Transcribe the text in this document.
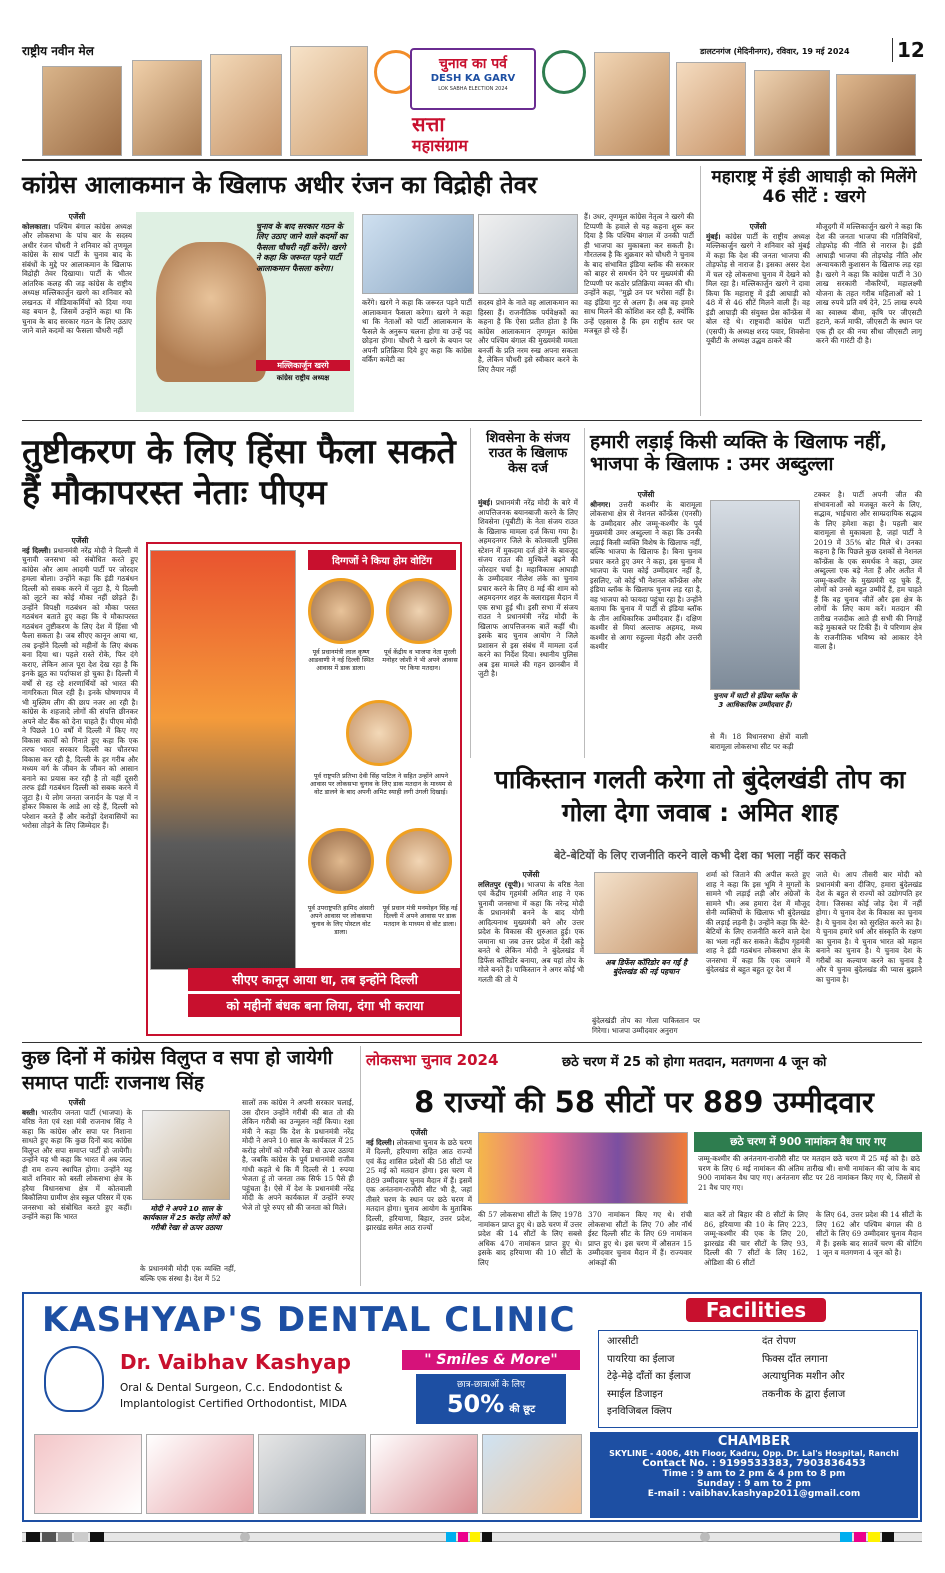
राष्ट्रीय नवीन मेल
चुनाव का पर्व
DESH KA GARV
LOK SABHA ELECTION 2024
सत्ता
महासंग्राम
डालटनगंज (मेदिनीनगर), रविवार, 19 मई 2024 12
कांग्रेस आलाकमान के खिलाफ अधीर रंजन का विद्रोही तेवर
एजेंसी
कोलकाता। पश्चिम बंगाल कांग्रेस अध्यक्ष और लोकसभा के पांच बार के सदस्य अधीर रंजन चौधरी ने शनिवार को तृणमूल कांग्रेस के साथ पार्टी के चुनाव बाद के संबंधों के मुद्दे पर आलाकमान के खिलाफ विद्रोही तेवर दिखाया। पार्टी के भीतर आंतरिक कलह की जड़ कांग्रेस के राष्ट्रीय अध्यक्ष मल्लिकार्जुन खरगे का शनिवार को लखनऊ में मीडियाकर्मियों को दिया गया वह बयान है, जिसमें उन्होंने कहा था कि चुनाव के बाद सरकार गठन के लिए उठाए जाने वाले कदमों का फैसला चौधरी नहीं
चुनाव के बाद सरकार गठन के लिए उठाए जाने वाले कदमों का फैसला चौधरी नहीं करेंगे। खरगे ने कहा कि जरूरत पड़ने पार्टी आलाकमान फैसला करेगा।
मल्लिकार्जुन खरगे
कांग्रेस राष्ट्रीय अध्यक्ष
करेंगे। खरगे ने कहा कि जरूरत पड़ने पार्टी आलाकमान फैसला करेगा। खरगे ने कहा था कि नेताओं को पार्टी आलाकमान के फैसले के अनुरूप चलना होगा या उन्हें पद छोड़ना होगा। चौधरी ने खरगे के बयान पर अपनी प्रतिक्रिया दिये हुए कहा कि कांग्रेस वर्किंग कमेटी का
सदस्य होने के नाते वह आलाकमान का हिस्सा हैं। राजनीतिक पर्यवेक्षकों का कहना है कि ऐसा प्रतीत होता है कि कांग्रेस आलाकमान तृणमूल कांग्रेस और पश्चिम बंगाल की मुख्यमंत्री ममता बनर्जी के प्रति नरम रुख अपना सकता है, लेकिन चौधरी इसे स्वीकार करने के लिए तैयार नहीं
हैं। उधर, तृणमूल कांग्रेस नेतृत्व ने खरगे की टिप्पणी के हवाले से यह कहना शुरू कर दिया है कि पश्चिम बंगाल में उनकी पार्टी ही भाजपा का मुकाबला कर सकती है। गौरतलब है कि शुक्रवार को चौधरी ने चुनाव के बाद संभावित इंडिया ब्लॉक की सरकार को बाहर से समर्थन देने पर मुख्यमंत्री की टिप्पणी पर कठोर प्रतिक्रिया व्यक्त की थी। उन्होंने कहा, "मुझे उन पर भरोसा नहीं है। वह इंडिया गुट से अलग हैं। अब वह हमारे साथ मिलने की कोशिश कर रही हैं, क्योंकि उन्हें एहसास है कि हम राष्ट्रीय स्तर पर मजबूत हो रहे हैं।
महाराष्ट्र में इंडी आघाड़ी को मिलेंगे 46 सीटें : खरगे
एजेंसी
मुंबई। कांग्रेस पार्टी के राष्ट्रीय अध्यक्ष मल्लिकार्जुन खरगे ने शनिवार को मुंबई में कहा कि देश की जनता भाजपा की तोड़फोड़ से नाराज है। इसका असर देश में चल रहे लोकसभा चुनाव में देखने को मिल रहा है। मल्लिकार्जुन खरगे ने दावा किया कि महाराष्ट्र में इंडी आघाड़ी को 48 में से 46 सीटें मिलने वाली हैं। वह इंडी आघाड़ी की संयुक्त प्रेस कॉन्फ्रेंस में बोल रहे थे। राष्ट्रवादी कांग्रेस पार्टी (एसपी) के अध्यक्ष शरद पवार, शिवसेना यूबीटी के अध्यक्ष उद्धव ठाकरे की
मौजूदगी में मल्लिकार्जुन खरगे ने कहा कि देश की जनता भाजपा की गतिविधियों, तोड़फोड़ की नीति से नाराज है। इंडी आघाड़ी भाजपा की तोड़फोड़ नीति और अन्यायकारी कुशासन के खिलाफ लड़ रहा है। खरगे ने कहा कि कांग्रेस पार्टी ने 30 लाख सरकारी नौकरियों, महालक्ष्मी योजना के तहत गरीब महिलाओं को 1 लाख रुपये प्रति वर्ष देने, 25 लाख रुपये का स्वास्थ्य बीमा, कृषि पर जीएसटी हटाने, कर्ज माफी, जीएसटी के स्थान पर एक ही दर की नया सीधा जीएसटी लागू करने की गारंटी दी है।
तुष्टीकरण के लिए हिंसा फैला सकते हैं मौकापरस्त नेताः पीएम
एजेंसी
नई दिल्ली। प्रधानमंत्री नरेंद्र मोदी ने दिल्ली में चुनावी जनसभा को संबोधित करते हुए कांग्रेस और आम आदमी पार्टी पर जोरदार हमला बोला। उन्होंने कहा कि इंडी गठबंधन दिल्ली को सबक करने में जुटा है, ये दिल्ली को लूटने का कोई मौका नहीं छोड़ते हैं। उन्होंने विपक्षी गठबंधन को मौका परस्त गठबंधन बताते हुए कहा कि ये मौकापरस्त गठबंधन तुष्टीकरण के लिए देश में हिंसा भी फैला सकता है। जब सीएए कानून आया था, तब इन्होंने दिल्ली को महीनों के लिए बंधक बना दिया था। पहले रास्ते रोके, फिर दंगे कराए, लेकिन आज पूरा देश देख रहा है कि इनके झूठ का पर्दाफाश हो चुका है। दिल्ली में वर्षों से रह रहे शरणार्थियों को भारत की नागरिकता मिल रही है। इनके घोषणापत्र में भी मुस्लिम लीग की छाप नजर आ रही है। कांग्रेस के शहजादे लोगों की संपत्ति छीनकर अपने वोट बैंक को देना चाहते हैं। पीएम मोदी ने पिछले 10 वर्षों में दिल्ली में किए गए विकास कार्यों को गिनाते हुए कहा कि एक तरफ भारत सरकार दिल्ली का चौतरफा विकास कर रही है, दिल्ली के हर गरीब और मध्यम वर्ग के जीवन के जीवन को आसान बनाने का प्रयास कर रही है तो वहीं दूसरी तरफ इंडी गठबंधन दिल्ली को सबक करने में जुटा है। ये लोग जनता जनार्दन के पक्ष में न होकर विकास के आडे आ रहे हैं, दिल्ली को परेशान करते हैं और करोड़ों देशवासियों का भरोसा तोड़ने के लिए जिम्मेदार हैं।
दिग्गजों ने किया होम वोटिंग
पूर्व प्रधानमंत्री लाल कृष्ण आडवाणी ने नई दिल्ली स्थित आवास में डाक डाला।
पूर्व केंद्रीय व भाजपा नेता मुरली मनोहर जोशी ने भी अपने आवास पर किया मतदान।
पूर्व राष्ट्रपति प्रतिभा देवी सिंह पाटिल ने सहित उन्होंने आपने आवास पर लोकसभा चुनाव के लिए डाक मतदान के माध्यम से वोट डालने के बाद अपनी अमिट स्याही लगी उंगली दिखाई।
पूर्व उपराष्ट्रपति हामिद अंसारी अपने आवास पर लोकसभा चुनाव के लिए पोस्टल वोट डाला।
पूर्व प्रधान मंत्री मनमोहन सिंह नई दिल्ली में अपने आवास पर डाक मतदान के माध्यम से वोट डाला।
सीएए कानून आया था, तब इन्होंने दिल्ली
को महीनों बंधक बना लिया, दंगा भी कराया
शिवसेना के संजय राउत के खिलाफ केस दर्ज
मुंबई। प्रधानमंत्री नरेंद्र मोदी के बारे में आपत्तिजनक बयानबाजी करने के लिए शिवसेना (यूबीटी) के नेता संजय राउत के खिलाफ मामला दर्ज किया गया है। अहमदनगर जिले के कोतवाली पुलिस स्टेशन में मुकदमा दर्ज होने के बावजूद संजय राउत की मुश्किलें बढ़ने की जोरदार चर्चा है। महाविकास आघाड़ी के उम्मीदवार नीलेश लंके का चुनाव प्रचार करने के लिए 8 मई की शाम को अहमदनगर शहर के क्लाराइस मैदान में एक सभा हुई थी। इसी सभा में संजय राउत ने प्रधानमंत्री नरेंद्र मोदी के खिलाफ आपत्तिजनक बातें कहीं थी। इसके बाद चुनाव आयोग ने जिले प्रशासन से इस संबंध में मामला दर्ज करने का निर्देश दिया। स्थानीय पुलिस अब इस मामले की गहन छानबीन में जुटी है।
हमारी लड़ाई किसी व्यक्ति के खिलाफ नहीं, भाजपा के खिलाफ : उमर अब्दुल्ला
एजेंसी
श्रीनगर। उत्तरी कश्मीर के बारामूला लोकसभा क्षेत्र से नेशनल कॉन्फ्रेंस (एनसी) के उम्मीदवार और जम्मू-कश्मीर के पूर्व मुख्यमंत्री उमर अब्दुल्ला ने कहा कि उनकी लड़ाई किसी व्यक्ति विशेष के खिलाफ नहीं, बल्कि भाजपा के खिलाफ है। बिना चुनाव प्रचार करते हुए उमर ने कहा, इस चुनाव में भाजपा के पास कोई उम्मीदवार नहीं है, इसलिए, जो कोई भी नेशनल कॉन्फ्रेंस और इंडिया ब्लॉक के खिलाफ चुनाव लड़ रहा है, वह भाजपा को फायदा पहुंचा रहा है। उन्होंने बताया कि चुनाव में पार्टी से इंडिया ब्लॉक के तीन आधिकारिक उम्मीदवार हैं। दक्षिण कश्मीर से मियां अल्ताफ अहमद, मध्य कश्मीर से आगा रुहुल्ला मेहदी और उत्तरी कश्मीर
चुनाव में घाटी से इंडिया ब्लॉक के 3 आधिकारिक उम्मीदवार हैं।
से मैं। 18 विधानसभा क्षेत्रों वाली बारामूला लोकसभा सीट पर कड़ी
टक्कर है। पार्टी अपनी जीत की संभावनाओं को मजबूत करने के लिए, सद्भाव, भाईचारा और साम्प्रदायिक सद्भाव के लिए हमेशा कहा है। पहली बार बारामूला से मुकाबला है, जहां पार्टी ने 2019 में 35% बोट मिले थे। उनका कहना है कि पिछले कुछ दशकों से नेशनल कॉन्फ्रेंस के एक समर्थक ने कहा, उमर अब्दुल्ला एक बड़े नेता हैं और अतीत में जम्मू-कश्मीर के मुख्यमंत्री रह चुके हैं, लोगों को उनसे बहुत उम्मीदें हैं, हम चाहते हैं कि वह चुनाव जीतें और इस क्षेत्र के लोगों के लिए काम करें। मतदान की तारीख नजदीक आते ही सभी की निगाहें कड़े मुकाबले पर टिकी हैं। ये परिणाम क्षेत्र के राजनीतिक भविष्य को आकार देने वाला है।
पाकिस्तान गलती करेगा तो बुंदेलखंडी तोप का गोला देगा जवाब : अमित शाह
बेटे-बेटियों के लिए राजनीति करने वाले कभी देश का भला नहीं कर सकते
एजेंसी
ललितपुर (यूपी)। भाजपा के वरिष्ठ नेता एवं केंद्रीय गृहमंत्री अमित शाह ने एक चुनावी जनसभा में कहा कि नरेन्द्र मोदी के प्रधानमंत्री बनने के बाद योगी आदित्यनाथ मुख्यमंत्री बने और उत्तर प्रदेश के विकास की शुरुआत हुई। एक जमाना था जब उत्तर प्रदेश में देसी कट्टे बनते थे लेकिन मोदी ने बुंदेलखंड में डिफेंस कॉरिडोर बनाया, अब यहां तोप के गोले बनते हैं। पाकिस्तान ने अगर कोई भी गलती की तो ये
अब डिफेंस कॉरिडोर बन गई है बुंदेलखंड की नई पहचान
बुंदेलखंडी तोप का गोला पाकिस्तान पर गिरेगा। भाजपा उम्मीदवार अनुराग
शर्मा को जिताने की अपील करते हुए शाह ने कहा कि इस भूमि ने मुगलों के सामने भी लड़ाई लड़ी और अंग्रेजों के सामने भी। अब हमारा देश में मौजूद सेनी व्यक्तियों के खिलाफ भी बुंदेलखंड की लड़ाई लड़नी है। उन्होंने कहा कि बेटे-बेटियों के लिए राजनीति करने वाले देश का भला नहीं कर सकते। केंद्रीय गृहमंत्री शाह ने इंडी गठबंधन लोकसभा क्षेत्र के जनसभा में कहा कि एक जमाने में बुंदेलखंड से बहुत बहुत दूर देश में
जाते थे। आप तीसरी बार मोदी को प्रधानमंत्री बना दीजिए, हमारा बुंदेलखंड देश के बहुत से राज्यों को उद्योगपति हर देगा। जिसका कोई जोड़ देश में नहीं होगा। ये चुनाव देश के विकास का चुनाव है। ये चुनाव देश को सुरक्षित करने का है। ये चुनाव हमारे धर्म और संस्कृति के रक्षण का चुनाव है। ये चुनाव भारत को महान बनाने का चुनाव है। ये चुनाव देश के गरीबों का कल्याण करने का चुनाव है और ये चुनाव बुंदेलखंड की प्यास बुझाने का चुनाव है।
कुछ दिनों में कांग्रेस विलुप्त व सपा हो जायेगी समाप्त पार्टीः राजनाथ सिंह
एजेंसी
बस्ती। भारतीय जनता पार्टी (भाजपा) के वरिष्ठ नेता एवं रक्षा मंत्री राजनाथ सिंह ने कहा कि कांग्रेस और सपा पर निशाना साधते हुए कहा कि कुछ दिनों बाद कांग्रेस विलुप्त और सपा समाप्त पार्टी हो जायेगी। उन्होंने यह भी कहा कि भारत में अब जल्द ही राम राज्य स्थापित होगा। उन्होंने यह बातें शनिवार को बस्ती लोकसभा क्षेत्र के हरैया विधानसभा क्षेत्र में कोतवाली बिकौलिया ग्रामीण क्षेत्र स्कूल परिसर में एक जनसभा को संबोधित करते हुए कहीं। उन्होंने कहा कि भारत
मोदी ने अपने 10 साल के कार्यकाल में 25 करोड़ लोगों को गरीबी रेखा से ऊपर उठाया
के प्रधानमंत्री मोदी एक व्यक्ति नहीं, बल्कि एक संस्था है। देश में 52
सालों तक कांग्रेस ने अपनी सरकार चलाई, उस दौरान उन्होंने गरीबी की बात तो की लेकिन गरीबी का उन्मूलन नहीं किया। रक्षा मंत्री ने कहा कि देश के प्रधानमंत्री नरेंद्र मोदी ने अपने 10 साल के कार्यकाल में 25 करोड़ लोगों को गरीबी रेखा से ऊपर उठाया है, जबकि कांग्रेस के पूर्व प्रधानमंत्री राजीव गांधी कहते थे कि मैं दिल्ली से 1 रुपया भेजता हूं तो जनता तक सिर्फ 15 पैसे ही पहुंचता है। ऐसे में देश के प्रधानमंत्री नरेंद्र मोदी के अपने कार्यकाल में उन्होंने रुपए भेजे तो पूरे रुपए सौ की जनता को मिले।
लोकसभा चुनाव 2024	छठे चरण में 25 को होगा मतदान, मतगणना 4 जून को
8 राज्यों की 58 सीटों पर 889 उम्मीदवार
एजेंसी
नई दिल्ली। लोकसभा चुनाव के छठे चरण में दिल्ली, हरियाणा सहित आठ राज्यों एवं केंद्र शासित प्रदेशों की 58 सीटों पर 25 मई को मतदान होगा। इस चरण में 889 उम्मीदवार चुनाव मैदान में हैं। इसमें एक अनंतनाग-राजौरी सीट भी है, जहां तीसरे चरण के स्थान पर छठे चरण में मतदान होगा। चुनाव आयोग के मुताबिक दिल्ली, हरियाणा, बिहार, उत्तर प्रदेश, झारखंड समेत आठ राज्यों
छठे चरण में 900 नामांकन वैध पाए गए
जम्मू-कश्मीर की अनंतनाग-राजौरी सीट पर मतदान छठे चरण में 25 मई को है। छठे चरण के लिए 6 मई नामांकन की अंतिम तारीख थी। सभी नामांकन की जांच के बाद 900 नामांकन वैध पाए गए। अनंतनाग सीट पर 28 नामांकन किए गए थे, जिसमें से 21 वैध पाए गए।
की 57 लोकसभा सीटों के लिए 1978 नामांकन प्राप्त हुए थे। छठे चरण में उत्तर प्रदेश की 14 सीटों के लिए सबसे अधिक 470 नामांकन प्राप्त हुए थे। इसके बाद हरियाणा की 10 सीटों के लिए
370 नामांकन किए गए थे। रांची लोकसभा सीटों के लिए 70 और नॉर्थ ईस्ट दिल्ली सीट के लिए 69 नामांकन प्राप्त हुए थे। इस चरण में औसतन 15 उम्मीदवार चुनाव मैदान में हैं। राज्यवार आंकड़ों की
बात करें तो बिहार की 8 सीटों के लिए 86, हरियाणा की 10 के लिए 223, जम्मू-कश्मीर की एक के लिए 20, झारखंड की चार सीटों के लिए 93, दिल्ली की 7 सीटों के लिए 162, ओडिशा की 6 सीटों
के लिए 64, उत्तर प्रदेश की 14 सीटों के लिए 162 और पश्चिम बंगाल की 8 सीटों के लिए 69 उम्मीदवार चुनाव मैदान में हैं। इसके बाद सातवें चरण की वोटिंग 1 जून व मतगणना 4 जून को है।
KASHYAP'S DENTAL CLINIC
Dr. Vaibhav Kashyap
Oral & Dental Surgeon, C.c. Endodontist &
Implantologist Certified Orthodontist, MIDA
" Smiles & More"
छात्र-छात्राओं के लिए
50% की छूट
Facilities
आरसीटी	दंत रोपण
पायरिया का ईलाज	फिक्स दाँत लगाना
टेढ़े-मेढ़े दाँतों का ईलाज	अत्याधुनिक मशीन और
स्माईल डिजाइन	तकनीक के द्वारा ईलाज
इनविजिबल क्लिप
CHAMBER
SKYLINE - 4006, 4th Floor, Kadru, Opp. Dr. Lal's Hospital, Ranchi
Contact No. : 9199533383, 7903836453
Time : 9 am to 2 pm & 4 pm to 8 pm
Sunday : 9 am to 2 pm
E-mail : vaibhav.kashyap2011@gmail.com
